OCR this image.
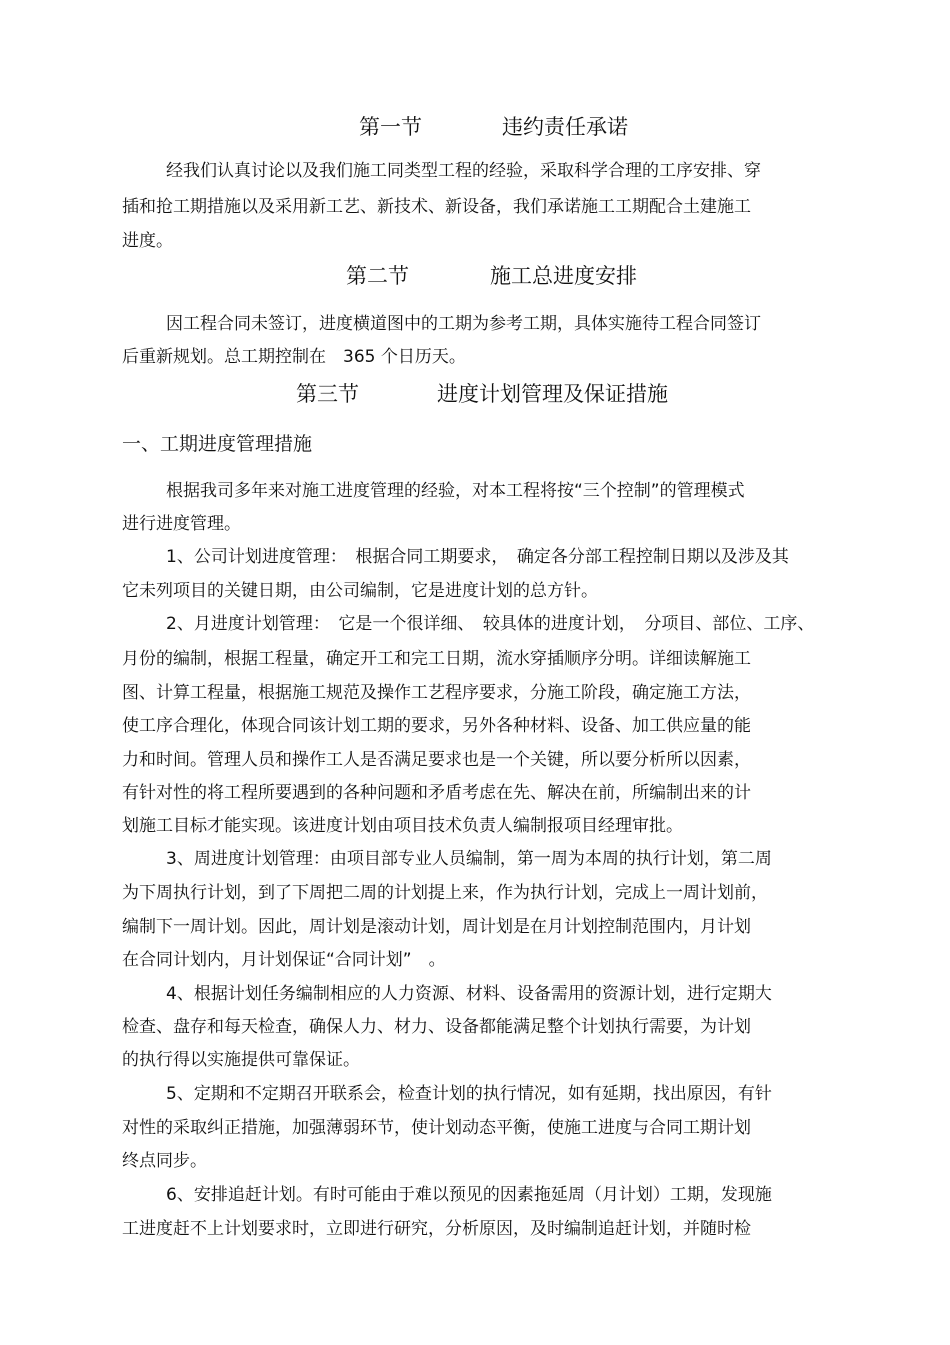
第一节	违约责任承诺
经我们认真讨论以及我们施工同类型工程的经验，采取科学合理的工序安排、穿
插和抢工期措施以及采用新工艺、新技术、新设备，我们承诺施工工期配合土建施工
进度。
第二节	施工总进度安排
因工程合同未签订，进度横道图中的工期为参考工期，具体实施待工程合同签订
后重新规划。总工期控制在　365 个日历天。
第三节	进度计划管理及保证措施
一、工期进度管理措施
根据我司多年来对施工进度管理的经验，对本工程将按“三个控制”的管理模式
进行进度管理。
1、公司计划进度管理：　根据合同工期要求，　确定各分部工程控制日期以及涉及其
它未列项目的关键日期，由公司编制，它是进度计划的总方针。
2、月进度计划管理：　它是一个很详细、　较具体的进度计划，　分项目、部位、工序、
月份的编制，根据工程量，确定开工和完工日期，流水穿插顺序分明。详细读解施工
图、计算工程量，根据施工规范及操作工艺程序要求，分施工阶段，确定施工方法，
使工序合理化，体现合同该计划工期的要求，另外各种材料、设备、加工供应量的能
力和时间。管理人员和操作工人是否满足要求也是一个关键，所以要分析所以因素，
有针对性的将工程所要遇到的各种问题和矛盾考虑在先、解决在前，所编制出来的计
划施工目标才能实现。该进度计划由项目技术负责人编制报项目经理审批。
3、周进度计划管理：由项目部专业人员编制，第一周为本周的执行计划，第二周
为下周执行计划，到了下周把二周的计划提上来，作为执行计划，完成上一周计划前，
编制下一周计划。因此，周计划是滚动计划，周计划是在月计划控制范围内，月计划
在合同计划内，月计划保证“合同计划”　。
4、根据计划任务编制相应的人力资源、材料、设备需用的资源计划，进行定期大
检查、盘存和每天检查，确保人力、材力、设备都能满足整个计划执行需要，为计划
的执行得以实施提供可靠保证。
5、定期和不定期召开联系会，检查计划的执行情况，如有延期，找出原因，有针
对性的采取纠正措施，加强薄弱环节，使计划动态平衡，使施工进度与合同工期计划
终点同步。
6、安排追赶计划。有时可能由于难以预见的因素拖延周（月计划）工期，发现施
工进度赶不上计划要求时，立即进行研究，分析原因，及时编制追赶计划，并随时检
